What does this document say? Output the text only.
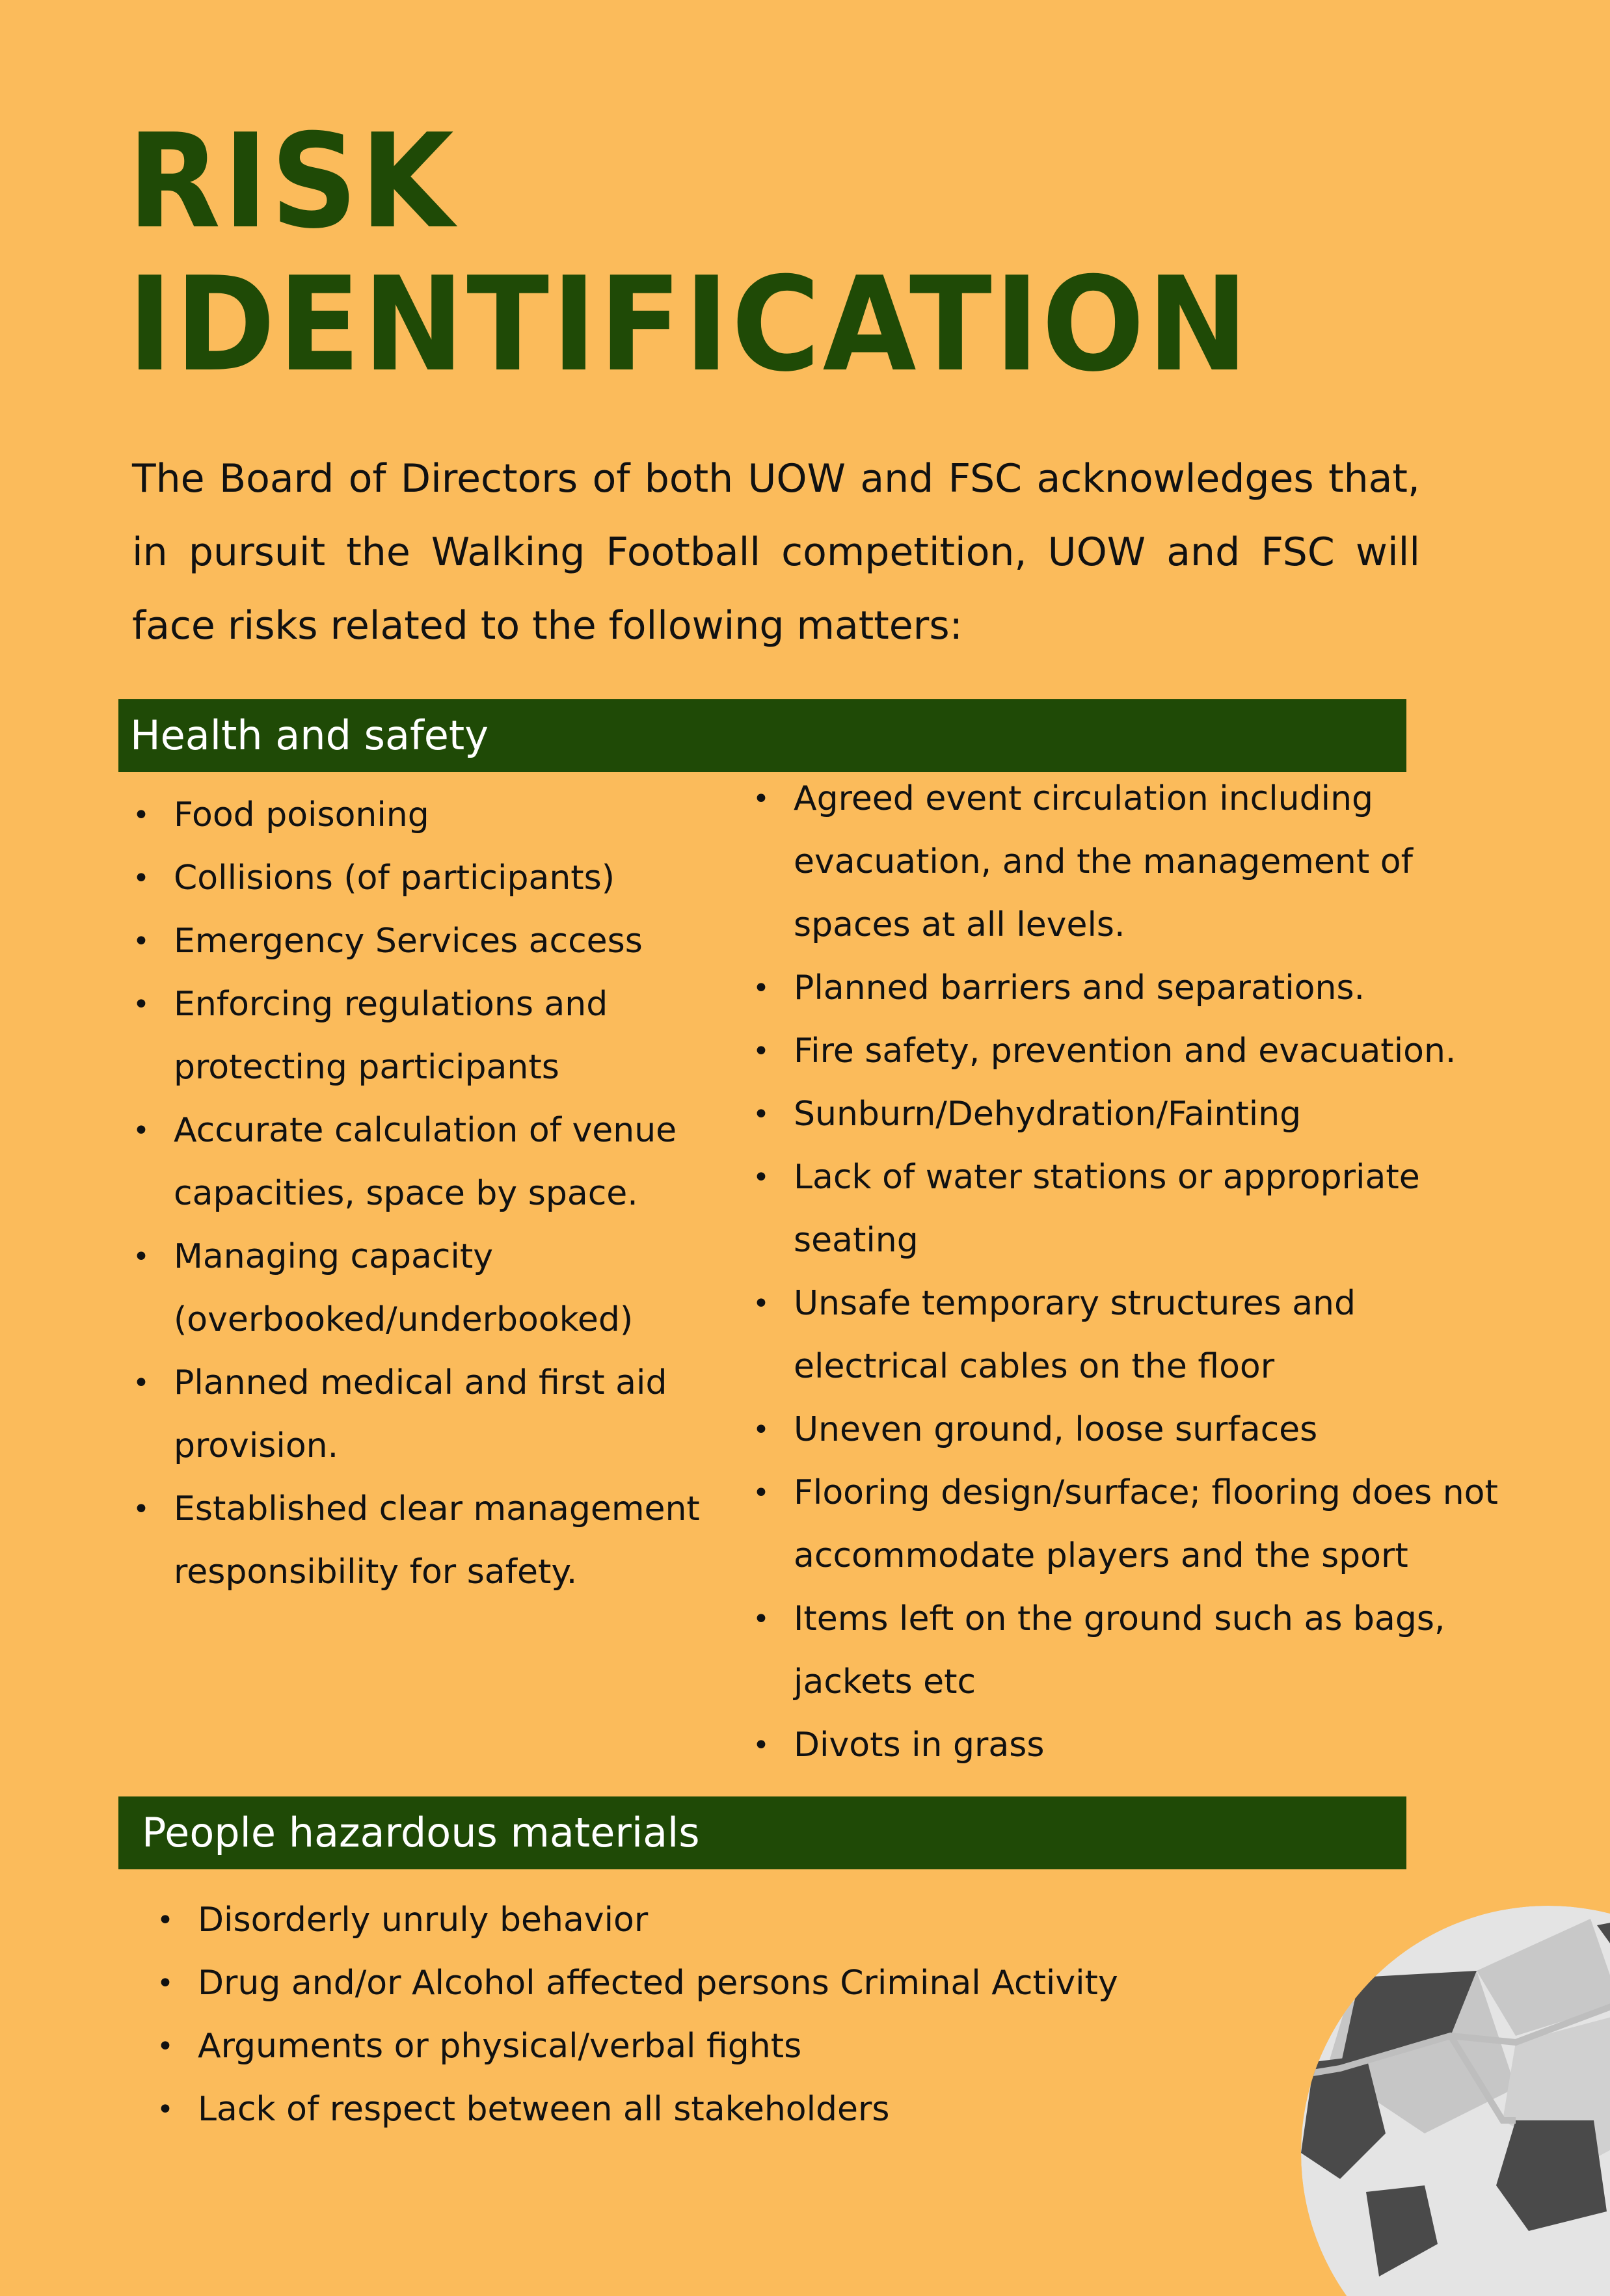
RISK
IDENTIFICATION

The Board of Directors of both UOW and FSC acknowledges that, in pursuit the Walking Football competition, UOW and FSC will face risks related to the following matters:

Health and safety
• Food poisoning
• Collisions (of participants)
• Emergency Services access
• Enforcing regulations and protecting participants
• Accurate calculation of venue capacities, space by space.
• Managing capacity (overbooked/underbooked)
• Planned medical and first aid provision.
• Established clear management responsibility for safety.
• Agreed event circulation including evacuation, and the management of spaces at all levels.
• Planned barriers and separations.
• Fire safety, prevention and evacuation.
• Sunburn/Dehydration/Fainting
• Lack of water stations or appropriate seating
• Unsafe temporary structures and electrical cables on the floor
• Uneven ground, loose surfaces
• Flooring design/surface; flooring does not accommodate players and the sport
• Items left on the ground such as bags, jackets etc
• Divots in grass
People hazardous materials
• Disorderly unruly behavior
• Drug and/or Alcohol affected persons Criminal Activity
• Arguments or physical/verbal fights
• Lack of respect between all stakeholders
